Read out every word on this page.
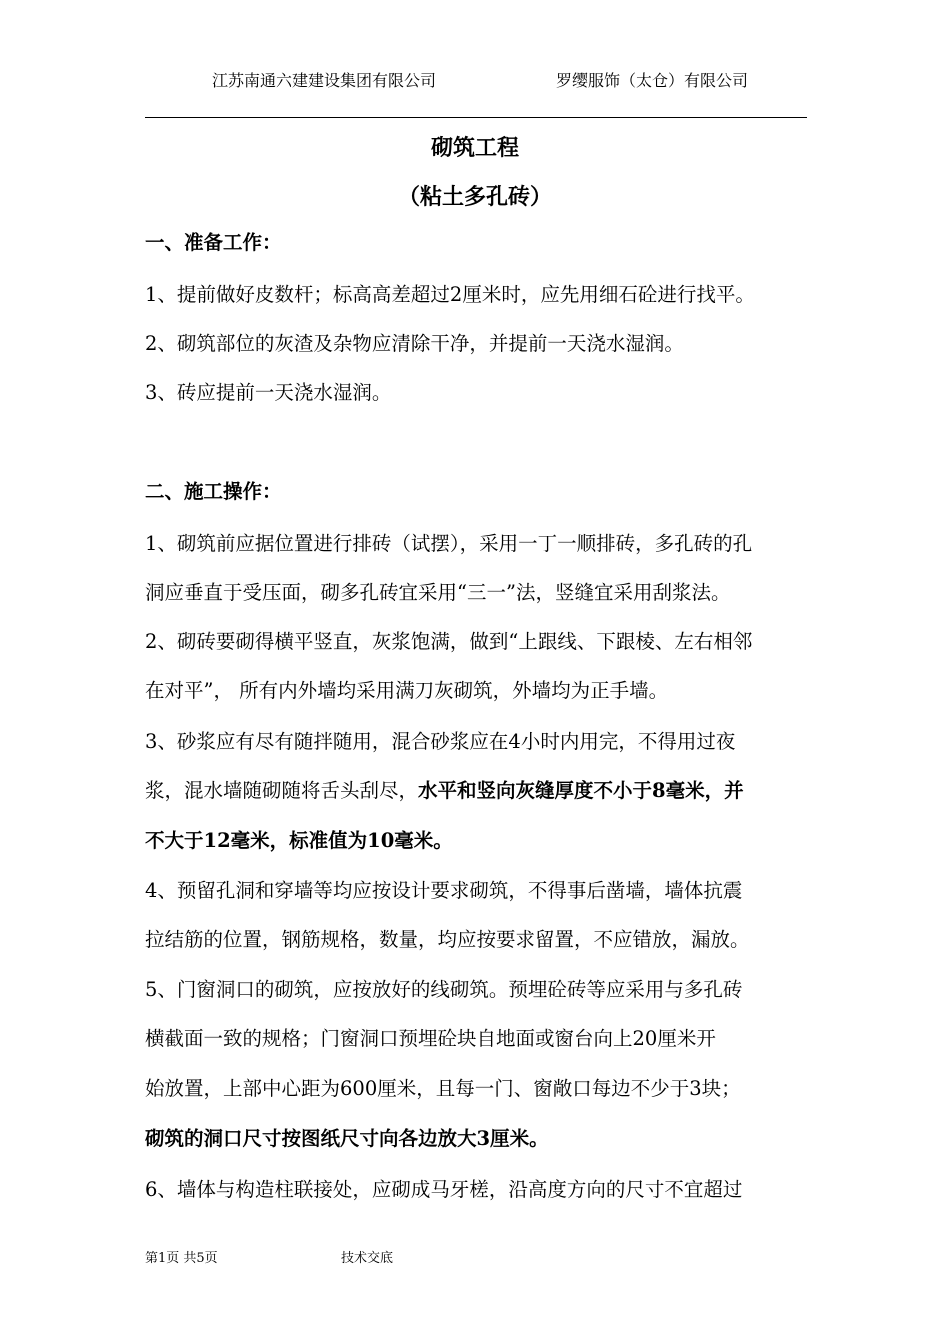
江苏南通六建建设集团有限公司	罗缨服饰（太仓）有限公司
砌筑工程
（粘土多孔砖）
一、准备工作：
1、提前做好皮数杆；标高高差超过2厘米时，应先用细石砼进行找平。
2、砌筑部位的灰渣及杂物应清除干净，并提前一天浇水湿润。
3、砖应提前一天浇水湿润。
二、施工操作：
1、砌筑前应据位置进行排砖（试摆），采用一丁一顺排砖，多孔砖的孔
洞应垂直于受压面，砌多孔砖宜采用“三一”法，竖缝宜采用刮浆法。
2、砌砖要砌得横平竖直，灰浆饱满，做到“上跟线、下跟棱、左右相邻
在对平”， 所有内外墙均采用满刀灰砌筑，外墙均为正手墙。
3、砂浆应有尽有随拌随用，混合砂浆应在4小时内用完，不得用过夜
浆，混水墙随砌随将舌头刮尽，水平和竖向灰缝厚度不小于8毫米，并
不大于12毫米，标准值为10毫米。
4、预留孔洞和穿墙等均应按设计要求砌筑，不得事后凿墙，墙体抗震
拉结筋的位置，钢筋规格，数量，均应按要求留置，不应错放，漏放。
5、门窗洞口的砌筑，应按放好的线砌筑。预埋砼砖等应采用与多孔砖
横截面一致的规格；门窗洞口预埋砼块自地面或窗台向上20厘米开
始放置，上部中心距为600厘米，且每一门、窗敞口每边不少于3块；
砌筑的洞口尺寸按图纸尺寸向各边放大3厘米。
6、墙体与构造柱联接处，应砌成马牙槎，沿高度方向的尺寸不宜超过
第1页 共5页	技术交底
